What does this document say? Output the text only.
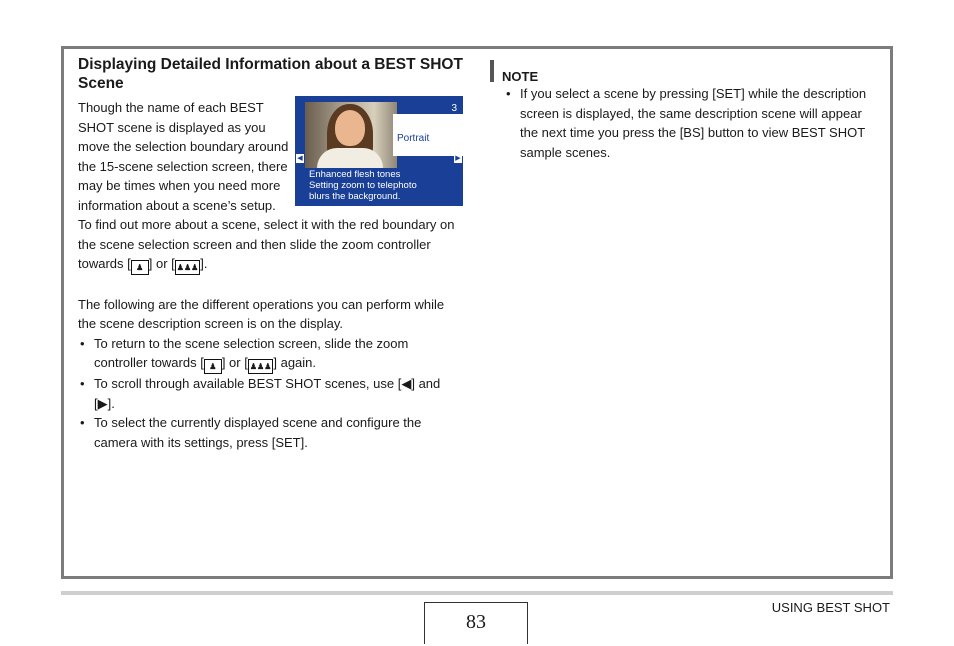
Displaying Detailed Information about a BEST SHOT Scene

3
Portrait
◀	▶
Enhanced flesh tones
Setting zoom to telephoto
blurs the background.
Though the name of each BEST SHOT scene is displayed as you move the selection boundary around the 15-scene selection screen, there may be times when you need more information about a scene’s setup. To find out more about a scene, select it with the red boundary on the scene selection screen and then slide the zoom controller towards [ ♟ ] or [ ♟♟♟ ].

The following are the different operations you can perform while the scene description screen is on the display.

• To return to the scene selection screen, slide the zoom controller towards [ ♟ ] or [ ♟♟♟ ] again.
• To scroll through available BEST SHOT scenes, use [◀] and [▶].
• To select the currently displayed scene and configure the camera with its settings, press [SET].
NOTE
• If you select a scene by pressing [SET] while the description screen is displayed, the same description scene will appear the next time you press the [BS] button to view BEST SHOT sample scenes.
83
USING BEST SHOT
